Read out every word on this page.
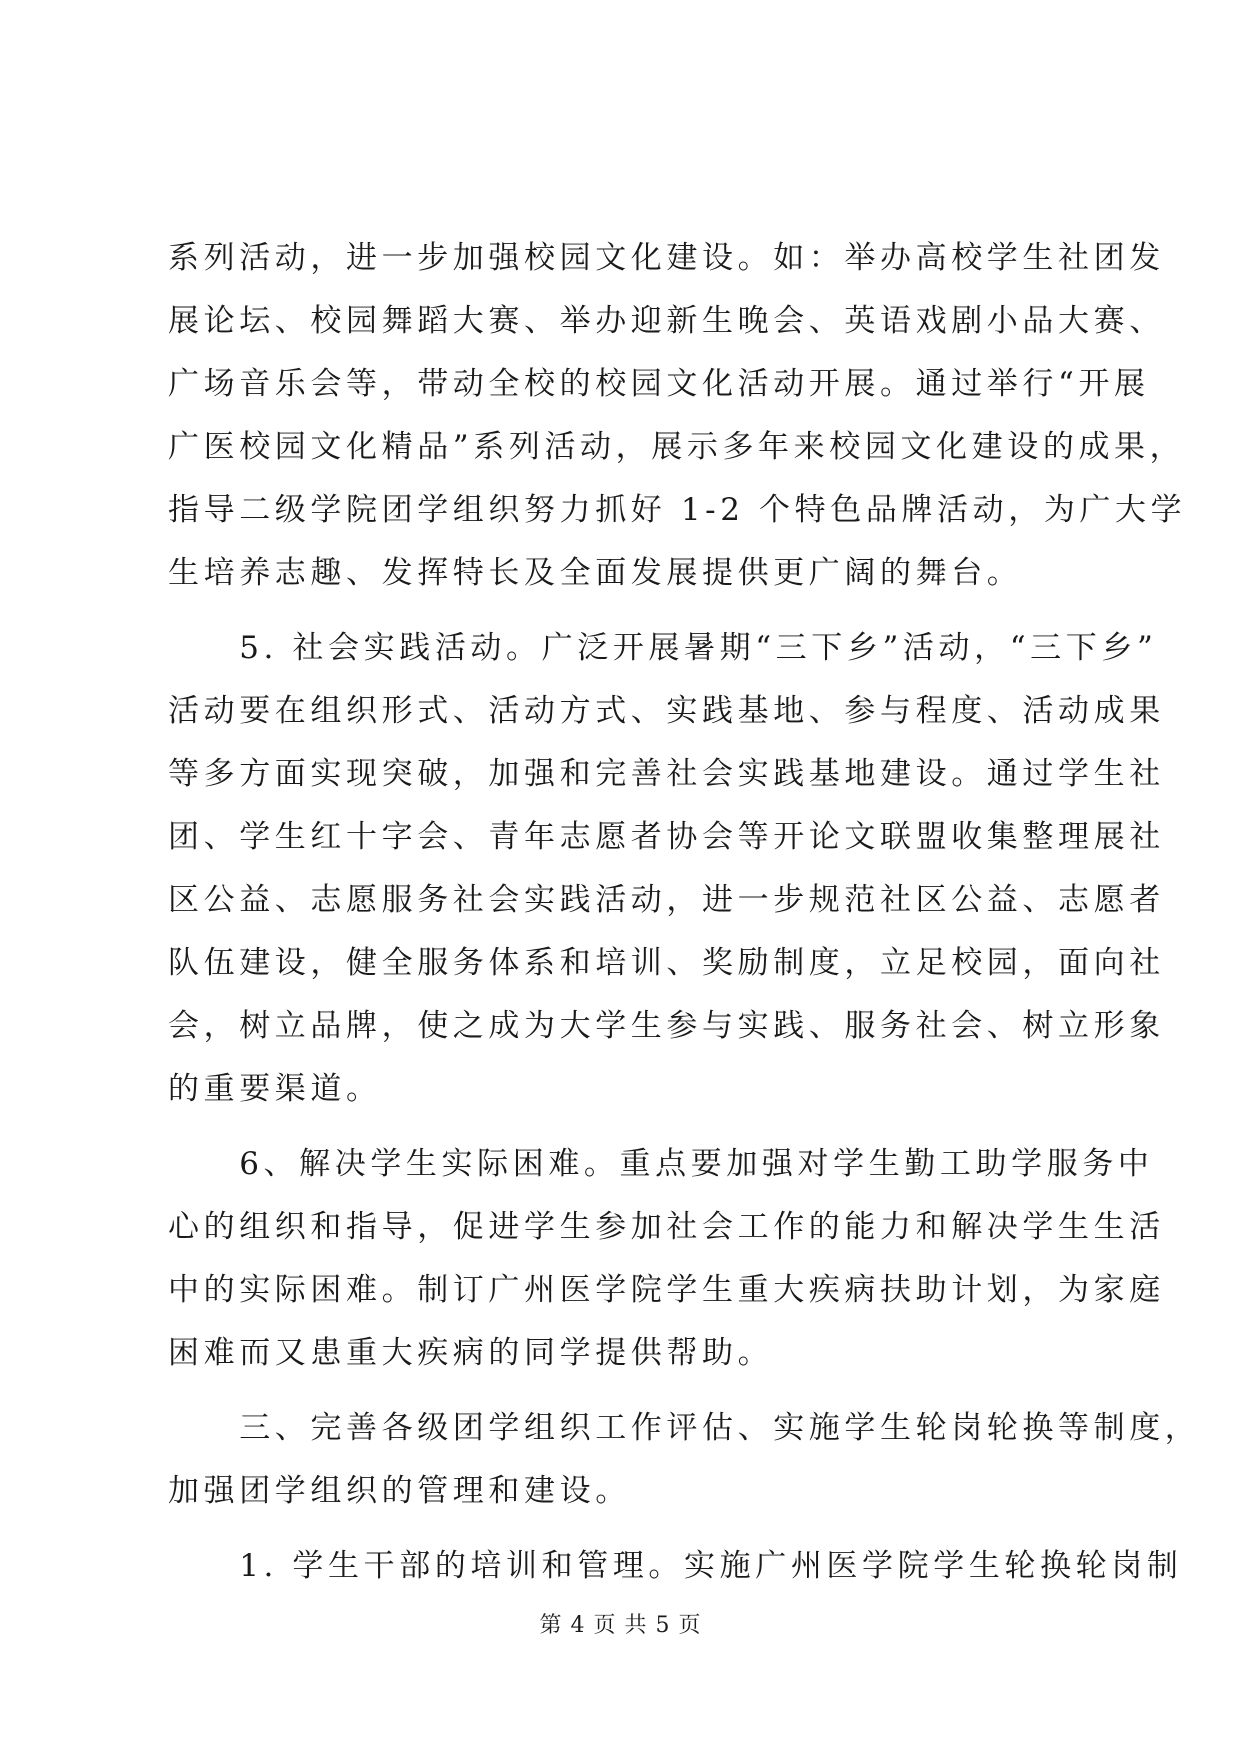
系列活动，进一步加强校园文化建设。如：举办高校学生社团发
展论坛、校园舞蹈大赛、举办迎新生晚会、英语戏剧小品大赛、
广场音乐会等，带动全校的校园文化活动开展。通过举行“开展
广医校园文化精品”系列活动，展示多年来校园文化建设的成果，
指导二级学院团学组织努力抓好 1-2 个特色品牌活动，为广大学
生培养志趣、发挥特长及全面发展提供更广阔的舞台。
　　5. 社会实践活动。广泛开展暑期“三下乡”活动，“三下乡”
活动要在组织形式、活动方式、实践基地、参与程度、活动成果
等多方面实现突破，加强和完善社会实践基地建设。通过学生社
团、学生红十字会、青年志愿者协会等开论文联盟收集整理展社
区公益、志愿服务社会实践活动，进一步规范社区公益、志愿者
队伍建设，健全服务体系和培训、奖励制度，立足校园，面向社
会，树立品牌，使之成为大学生参与实践、服务社会、树立形象
的重要渠道。
　　6、解决学生实际困难。重点要加强对学生勤工助学服务中
心的组织和指导，促进学生参加社会工作的能力和解决学生生活
中的实际困难。制订广州医学院学生重大疾病扶助计划，为家庭
困难而又患重大疾病的同学提供帮助。
　　三、完善各级团学组织工作评估、实施学生轮岗轮换等制度，
加强团学组织的管理和建设。
　　1. 学生干部的培训和管理。实施广州医学院学生轮换轮岗制
第 4 页 共 5 页
